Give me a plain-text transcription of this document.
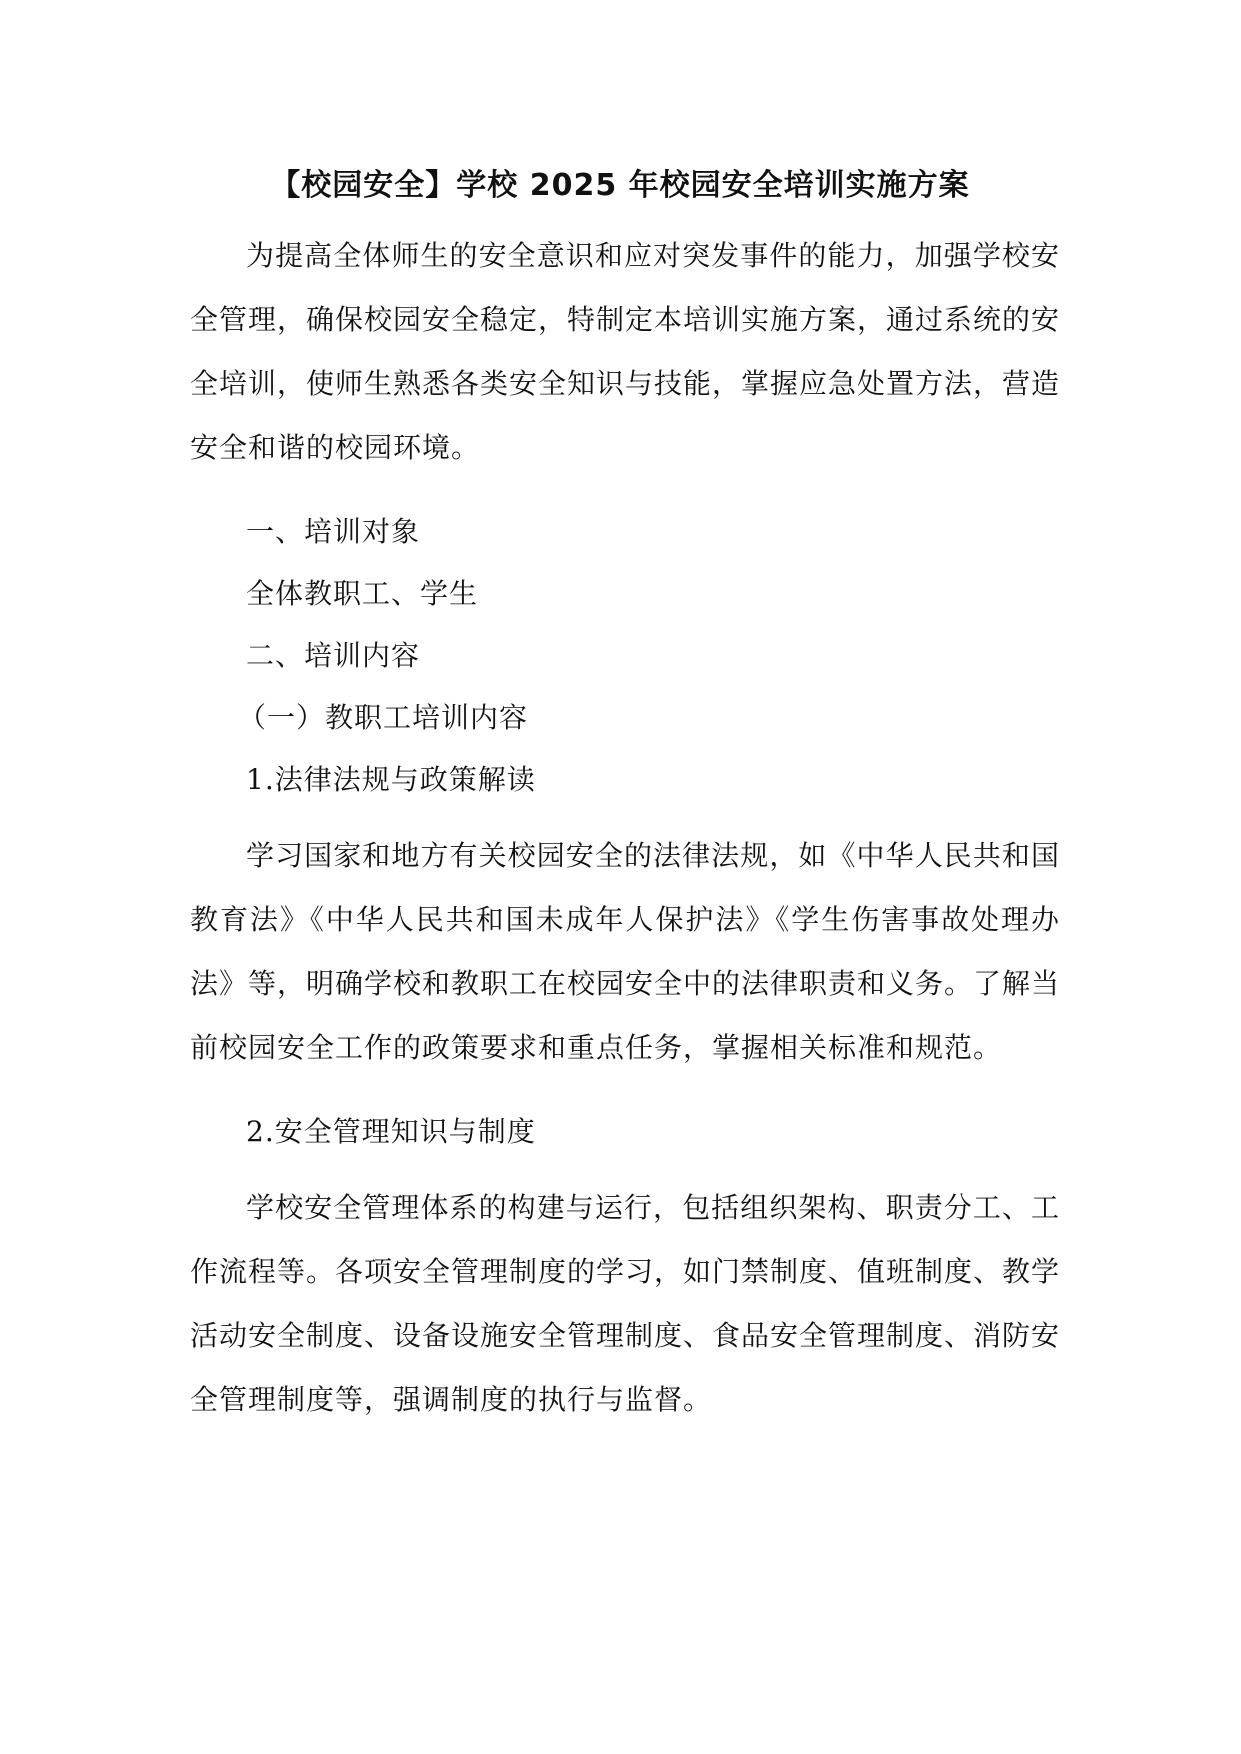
【校园安全】学校 2025 年校园安全培训实施方案

为提高全体师生的安全意识和应对突发事件的能力，加强学校安全管理，确保校园安全稳定，特制定本培训实施方案，通过系统的安全培训，使师生熟悉各类安全知识与技能，掌握应急处置方法，营造安全和谐的校园环境。

一、培训对象

全体教职工、学生

二、培训内容

（一）教职工培训内容

1.法律法规与政策解读

学习国家和地方有关校园安全的法律法规，如《中华人民共和国教育法》《中华人民共和国未成年人保护法》《学生伤害事故处理办法》等，明确学校和教职工在校园安全中的法律职责和义务。了解当前校园安全工作的政策要求和重点任务，掌握相关标准和规范。

2.安全管理知识与制度

学校安全管理体系的构建与运行，包括组织架构、职责分工、工作流程等。各项安全管理制度的学习，如门禁制度、值班制度、教学活动安全制度、设备设施安全管理制度、食品安全管理制度、消防安全管理制度等，强调制度的执行与监督。
